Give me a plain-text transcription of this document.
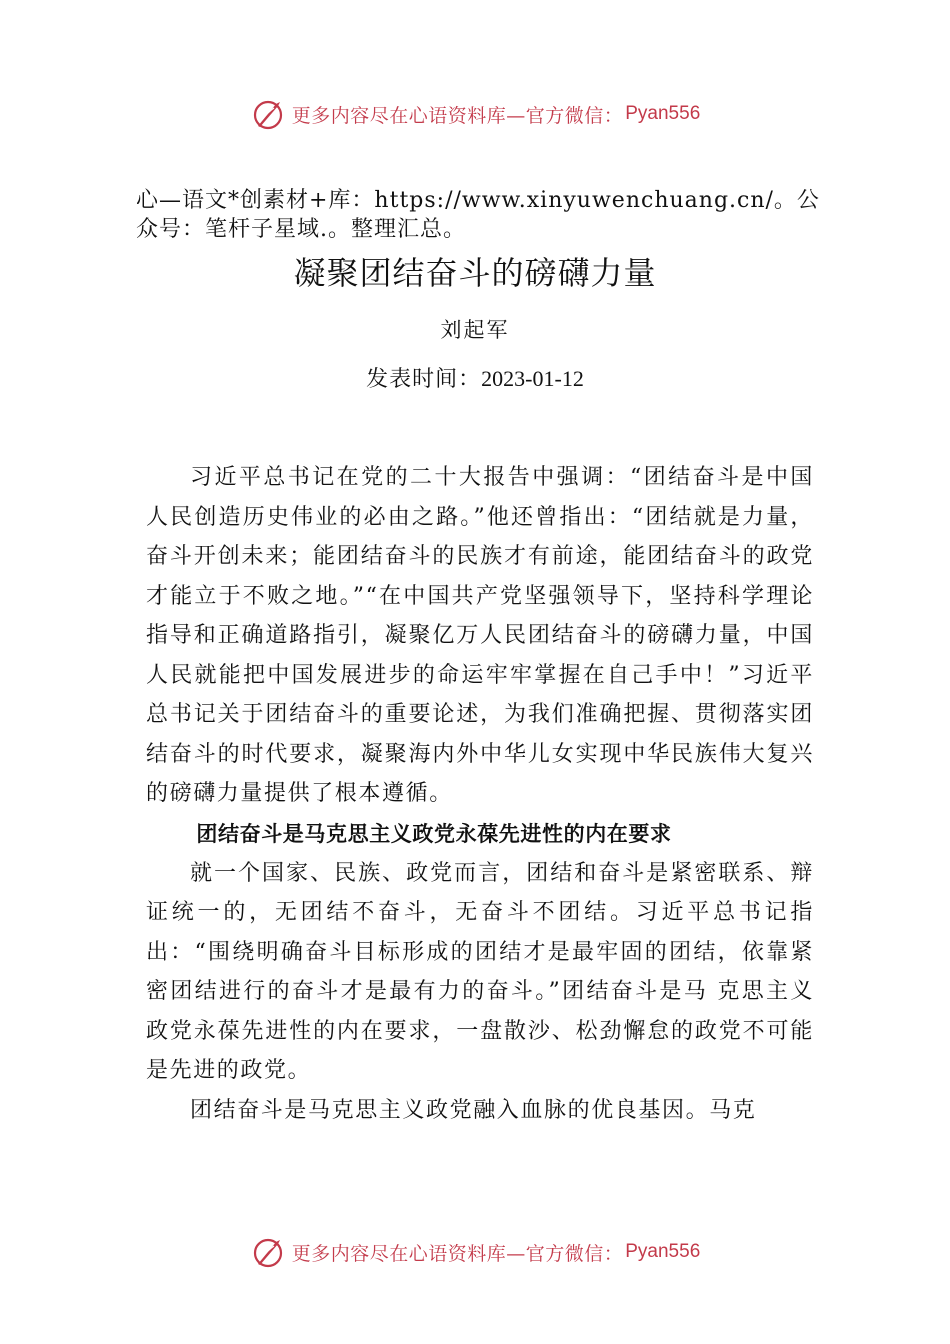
更多内容尽在心语资料库—官方微信： Pyan556
心—语文*创素材+库：https://www.xinyuwenchuang.cn/。公众号：笔杆子星域.。整理汇总。
凝聚团结奋斗的磅礴力量
刘起军
发表时间：2023-01-12

习近平总书记在党的二十大报告中强调：“团结奋斗是中国人民创造历史伟业的必由之路。”他还曾指出：“团结就是力量，奋斗开创未来；能团结奋斗的民族才有前途，能团结奋斗的政党才能立于不败之地。”“在中国共产党坚强领导下，坚持科学理论指导和正确道路指引，凝聚亿万人民团结奋斗的磅礴力量，中国人民就能把中国发展进步的命运牢牢掌握在自己手中！”习近平总书记关于团结奋斗的重要论述，为我们准确把握、贯彻落实团结奋斗的时代要求，凝聚海内外中华儿女实现中华民族伟大复兴的磅礴力量提供了根本遵循。

团结奋斗是马克思主义政党永葆先进性的内在要求

就一个国家、民族、政党而言，团结和奋斗是紧密联系、辩证统一的，无团结不奋斗，无奋斗不团结。习近平总书记指出：“围绕明确奋斗目标形成的团结才是最牢固的团结，依靠紧密团结进行的奋斗才是最有力的奋斗。”团结奋斗是马 克思主义政党永葆先进性的内在要求，一盘散沙、松劲懈怠的政党不可能是先进的政党。

团结奋斗是马克思主义政党融入血脉的优良基因。马克

更多内容尽在心语资料库—官方微信： Pyan556
